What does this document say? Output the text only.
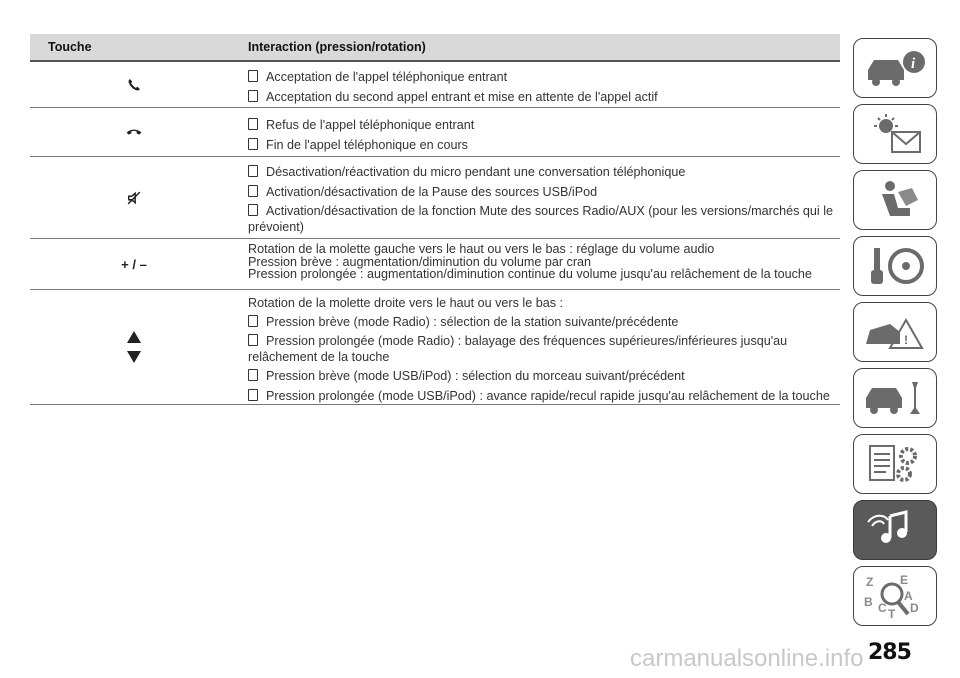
Touche	Interaction (pression/rotation)
Acceptation de l'appel téléphonique entrant
Acceptation du second appel entrant et mise en attente de l'appel actif
Refus de l'appel téléphonique entrant
Fin de l'appel téléphonique en cours
Désactivation/réactivation du micro pendant une conversation téléphonique
Activation/désactivation de la Pause des sources USB/iPod
Activation/désactivation de la fonction Mute des sources Radio/AUX (pour les versions/marchés qui le prévoient)
+ / –
Rotation de la molette gauche vers le haut ou vers le bas : réglage du volume audio
Pression brève : augmentation/diminution du volume par cran
Pression prolongée : augmentation/diminution continue du volume jusqu'au relâchement de la touche
Rotation de la molette droite vers le haut ou vers le bas :
Pression brève (mode Radio) : sélection de la station suivante/précédente
Pression prolongée (mode Radio) : balayage des fréquences supérieures/inférieures jusqu'au relâchement de la touche
Pression brève (mode USB/iPod) : sélection du morceau suivant/précédent
Pression prolongée (mode USB/iPod) : avance rapide/recul rapide jusqu'au relâchement de la touche
i
!
Z E
B	A
C D
T
carmanualsonline.info 285
